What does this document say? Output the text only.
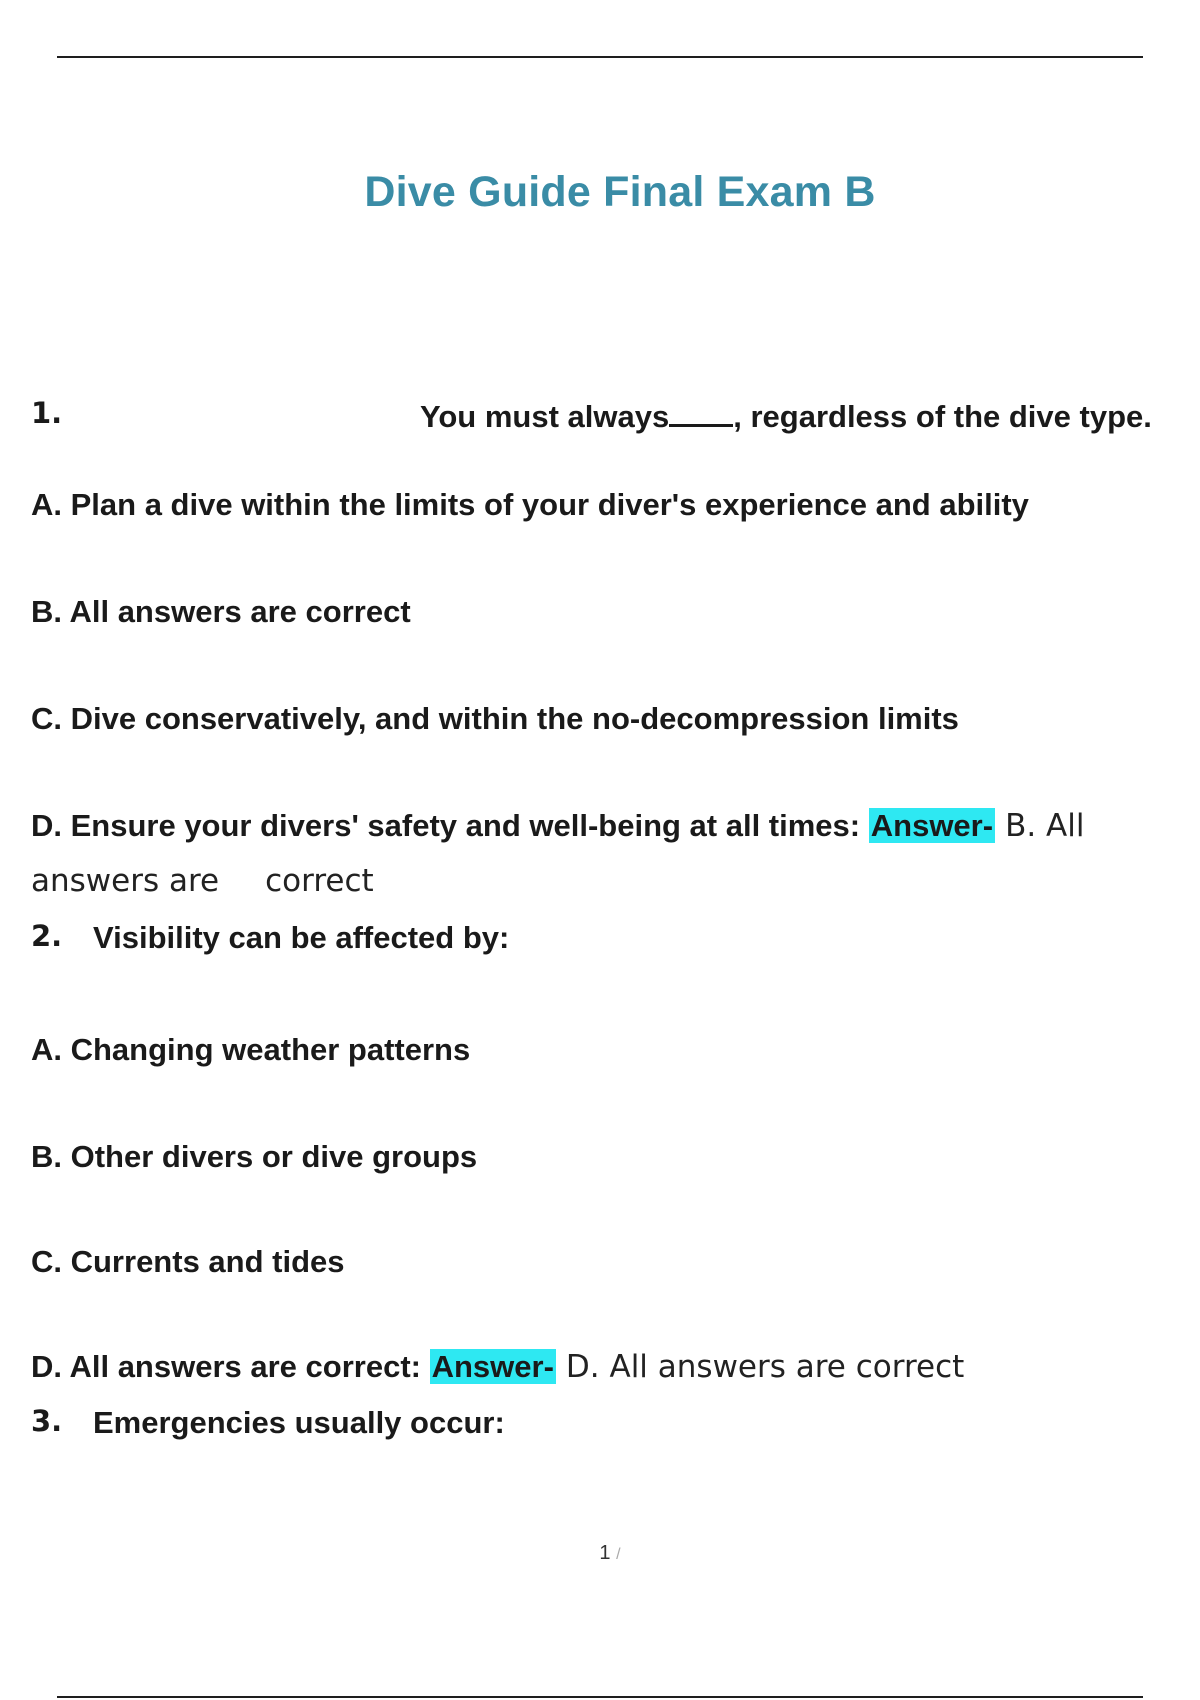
Dive Guide Final Exam B
1.	You must always , regardless of the dive type.
A. Plan a dive within the limits of your diver's experience and ability
B. All answers are correct
C. Dive conservatively, and within the no-decompression limits
D. Ensure your divers' safety and well-being at all times: Answer- B. All
answers are correct
2. Visibility can be affected by:
A. Changing weather patterns
B. Other divers or dive groups
C. Currents and tides
D. All answers are correct: Answer- D. All answers are correct
3. Emergencies usually occur:
1 /
